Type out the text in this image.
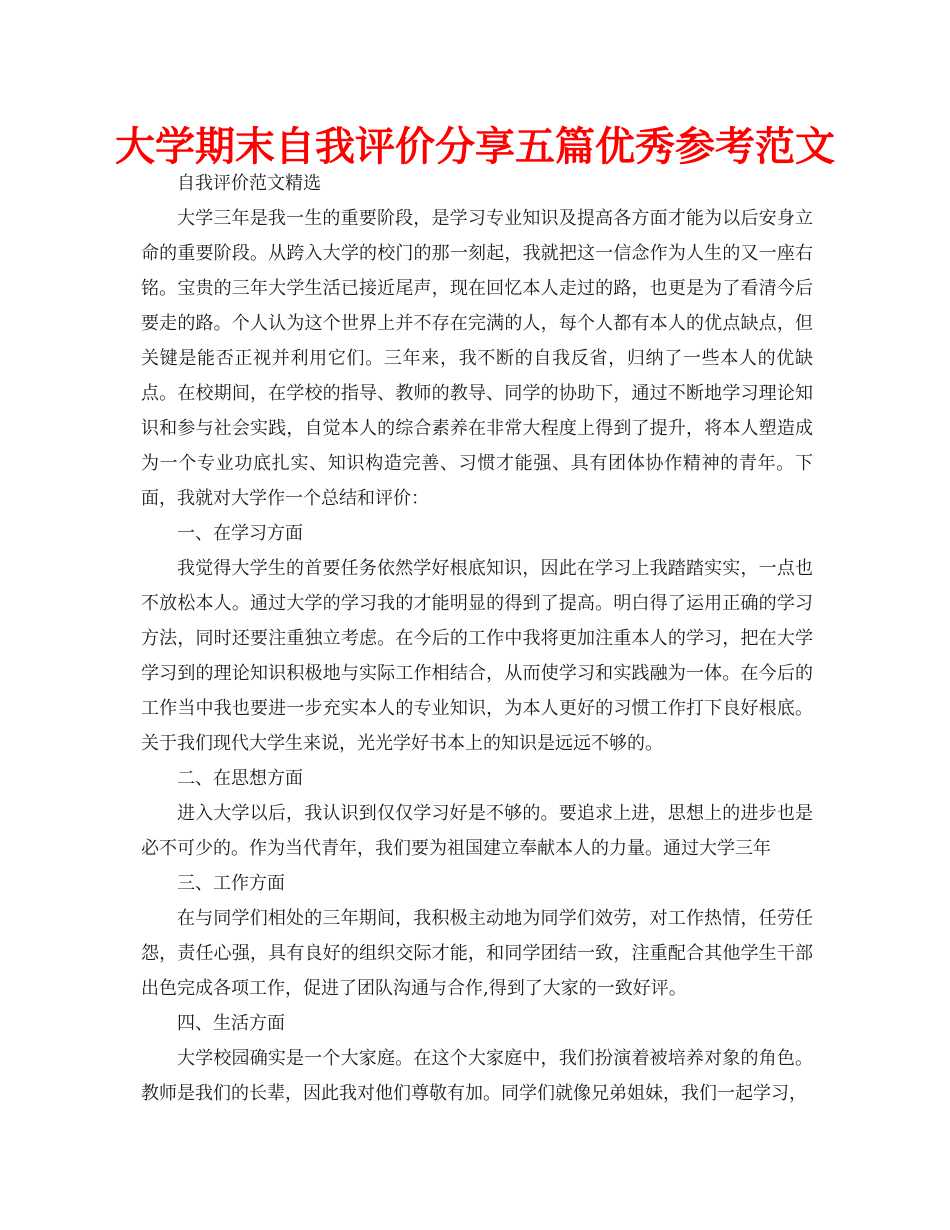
大学期末自我评价分享五篇优秀参考范文

自我评价范文精选

大学三年是我一生的重要阶段，是学习专业知识及提高各方面才能为以后安身立命的重要阶段。从跨入大学的校门的那一刻起，我就把这一信念作为人生的又一座右铭。宝贵的三年大学生活已接近尾声，现在回忆本人走过的路，也更是为了看清今后要走的路。个人认为这个世界上并不存在完满的人，每个人都有本人的优点缺点，但关键是能否正视并利用它们。三年来，我不断的自我反省，归纳了一些本人的优缺点。在校期间，在学校的指导、教师的教导、同学的协助下，通过不断地学习理论知识和参与社会实践，自觉本人的综合素养在非常大程度上得到了提升，将本人塑造成为一个专业功底扎实、知识构造完善、习惯才能强、具有团体协作精神的青年。下面，我就对大学作一个总结和评价：

一、在学习方面

我觉得大学生的首要任务依然学好根底知识，因此在学习上我踏踏实实，一点也不放松本人。通过大学的学习我的才能明显的得到了提高。明白得了运用正确的学习方法，同时还要注重独立考虑。在今后的工作中我将更加注重本人的学习，把在大学学习到的理论知识积极地与实际工作相结合，从而使学习和实践融为一体。在今后的工作当中我也要进一步充实本人的专业知识，为本人更好的习惯工作打下良好根底。关于我们现代大学生来说，光光学好书本上的知识是远远不够的。

二、在思想方面

进入大学以后，我认识到仅仅学习好是不够的。要追求上进，思想上的进步也是必不可少的。作为当代青年，我们要为祖国建立奉献本人的力量。通过大学三年

三、工作方面

在与同学们相处的三年期间，我积极主动地为同学们效劳，对工作热情，任劳任怨，责任心强，具有良好的组织交际才能，和同学团结一致，注重配合其他学生干部出色完成各项工作，促进了团队沟通与合作,得到了大家的一致好评。

四、生活方面

大学校园确实是一个大家庭。在这个大家庭中，我们扮演着被培养对象的角色。教师是我们的长辈，因此我对他们尊敬有加。同学们就像兄弟姐妹，我们一起学习，
